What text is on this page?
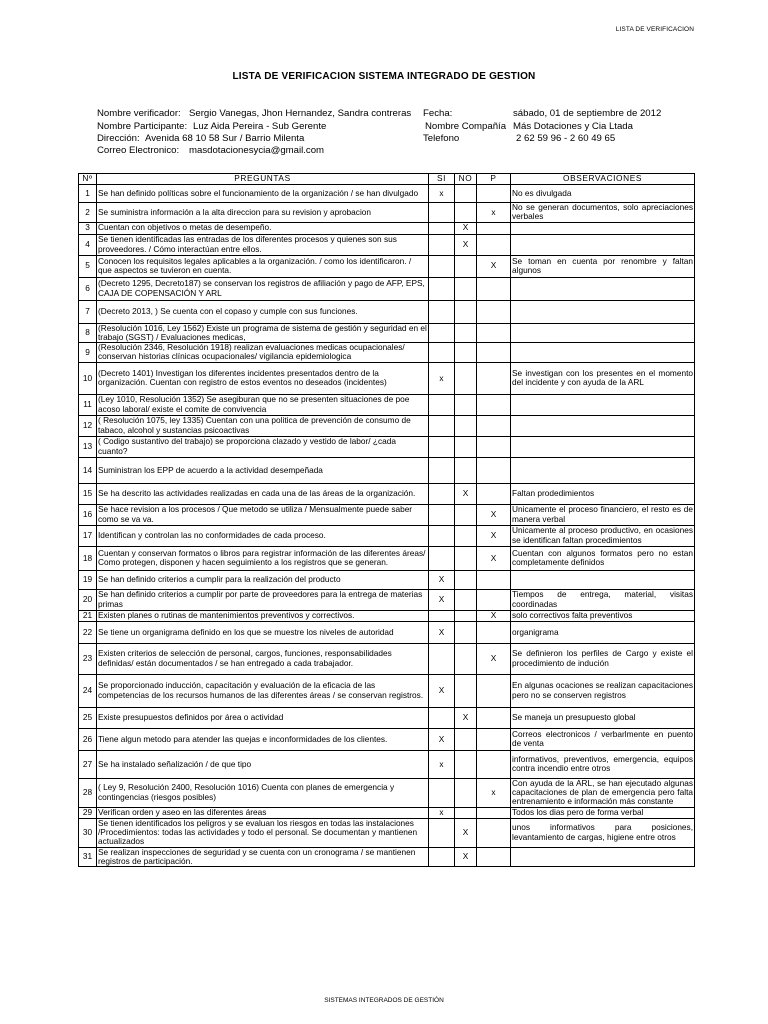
LISTA DE VERIFICACION
LISTA DE VERIFICACION SISTEMA INTEGRADO DE GESTION
Nombre verificador: Sergio Vanegas, Jhon Hernandez, Sandra contreras
Nombre Participante: Luz Aida Pereira - Sub Gerente
Dirección: Avenida 68 10 58 Sur / Barrio Milenta
Correo Electronico: masdotacionesycia@gmail.com
Fecha:	sábado, 01 de septiembre de 2012
Nombre Compañía Más Dotaciones y Cia Ltada
Telefono	2 62 59 96 - 2 60 49 65
Nº	PREGUNTAS	SI	NO	P	OBSERVACIONES
1	Se han definido políticas sobre el funcionamiento de la organización / se han divulgado	x			No es divulgada
2	Se suministra información a la alta direccion para su revision y aprobacion			x	No se generan documentos, solo apreciaciones verbales
3	Cuentan con objetivos o metas de desempeño.		X		
4	Se tienen identificadas las entradas de los diferentes procesos y quienes son sus proveedores. / Cómo interactúan entre ellos.		X		
5	Conocen los requisitos legales aplicables a la organización. / como los identificaron. / que aspectos se tuvieron en cuenta.			X	Se toman en cuenta por renombre y faltan algunos
6	(Decreto 1295, Decreto187) se conservan los registros de afiliación y pago de AFP, EPS, CAJA DE COPENSACIÓN Y ARL				
7	(Decreto 2013, ) Se cuenta con el copaso y cumple con sus funciones.				
8	(Resolución 1016, Ley 1562) Existe un programa de sistema de gestión y seguridad en el trabajo (SGST) / Evaluaciones medicas,				
9	(Resolución 2346, Resolución 1918) realizan evaluaciones medicas ocupacionales/ conservan historias clínicas ocupacionales/ vigilancia epidemiologica				
10	(Decreto 1401) Investigan los diferentes incidentes presentados dentro de la organización. Cuentan con registro de estos eventos no deseados (incidentes)	x			Se investigan con los presentes en el momento del incidente y con ayuda de la ARL
11	(Ley 1010, Resolución 1352) Se asegiburan que no se presenten situaciones de poe acoso laboral/ existe el comite de convivencia				
12	( Resolución 1075, ley 1335) Cuentan con una politica de prevención de consumo de tabaco, alcohol y sustancias psicoactivas				
13	( Codigo sustantivo del trabajo) se proporciona clazado y vestido de labor/ ¿cada cuanto?				
14	Suministran los EPP de acuerdo a la actividad desempeñada				
15	Se ha descrito las actividades realizadas en cada una de las áreas de la organización.		X		Faltan prodedimientos
16	Se hace revision a los procesos / Que metodo se utiliza / Mensualmente puede saber como se va va.			X	Unicamente el proceso financiero, el resto es de manera verbal
17	Identifican y controlan las no conformidades de cada proceso.			X	Unicamente al proceso productivo, en ocasiones se identifican faltan procedimientos
18	Cuentan y conservan formatos o libros para registrar información de las diferentes áreas/ Como protegen, disponen y hacen seguimiento a los registros que se generan.			X	Cuentan con algunos formatos pero no estan completamente definidos
19	Se han definido criterios a cumplir para la realización del producto	X			
20	Se han definido criterios a cumplir por parte de proveedores para la entrega de materias primas	X			Tiempos de entrega, material, visitas coordinadas
21	Existen planes o rutinas de mantenimientos preventivos y correctivos.			X	solo correctivos falta preventivos
22	Se tiene un organigrama definido en los que se muestre los niveles de autoridad	X			organigrama
23	Existen criterios de selección de personal, cargos, funciones, responsabilidades definidas/ están documentados / se han entregado a cada trabajador.			X	Se definieron los perfiles de Cargo y existe el procedimiento de indución
24	Se proporcionado inducción, capacitación y evaluación de la eficacia de las competencias de los recursos humanos de las diferentes áreas / se conservan registros.	X			En algunas ocaciones se realizan capacitaciones pero no se conserven registros
25	Existe presupuestos definidos por área o actividad		X		Se maneja un presupuesto global
26	Tiene algun metodo para atender las quejas e inconformidades de los clientes.	X			Correos electronicos / verbarlmente en puento de venta
27	Se ha instalado señalización / de que tipo	x			informativos, preventivos, emergencia, equipos contra incendio entre otros
28	( Ley 9, Resolución 2400, Resolución 1016) Cuenta con planes de emergencia y contingencias (riesgos posibles)			x	Con ayuda de la ARL, se han ejecutado algunas capacitaciones de plan de emergencia pero falta entrenamiento e información más constante
29	Verifican orden y aseo en las diferentes áreas	x			Todos los dias pero de forma verbal
30	Se tienen identificados los peligros y se evaluan los riesgos en todas las instalaciones /Procedimientos: todas las actividades y todo el personal. Se documentan y mantienen actualizados		X		unos informativos para posiciones, levantamiento de cargas, higiene entre otros
31	Se realizan inspecciones de seguridad y se cuenta con un cronograma / se mantienen registros de participación.		X		
SISTEMAS INTEGRADOS DE GESTIÓN
